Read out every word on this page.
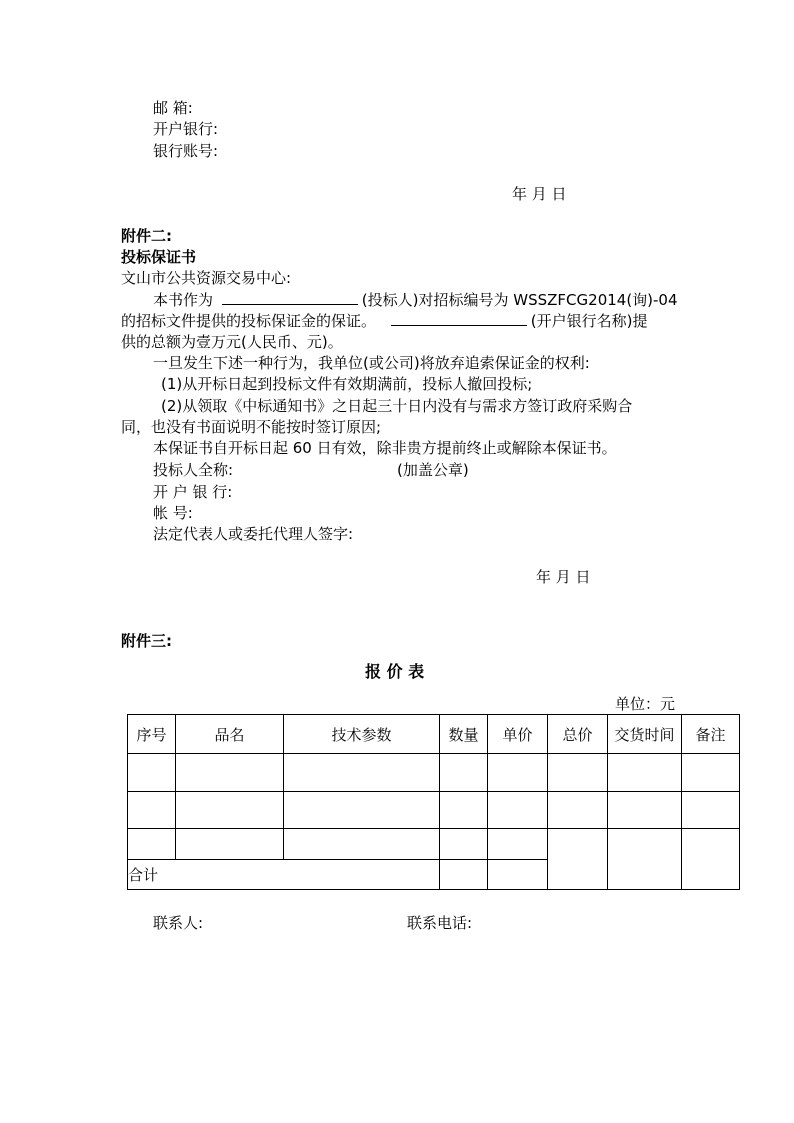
邮 箱:
开户银行:
银行账号:
年 月 日
附件二:
投标保证书
文山市公共资源交易中心:
本书作为	(投标人)对招标编号为 WSSZFCG2014(询)-04
的招标文件提供的投标保证金的保证。	(开户银行名称)提
供的总额为壹万元(人民币、元)。
一旦发生下述一种行为，我单位(或公司)将放弃追索保证金的权利:
(1)从开标日起到投标文件有效期满前，投标人撤回投标;
(2)从领取《中标通知书》之日起三十日内没有与需求方签订政府采购合
同，也没有书面说明不能按时签订原因;
本保证书自开标日起 60 日有效，除非贵方提前终止或解除本保证书。
投标人全称:	(加盖公章)
开 户 银 行:
帐 号:
法定代表人或委托代理人签字:
年 月 日
附件三:
报 价 表
单位：元
序号	品名	技术参数	数量	单价	总价	交货时间	备注

合计							
联系人:	联系电话:
